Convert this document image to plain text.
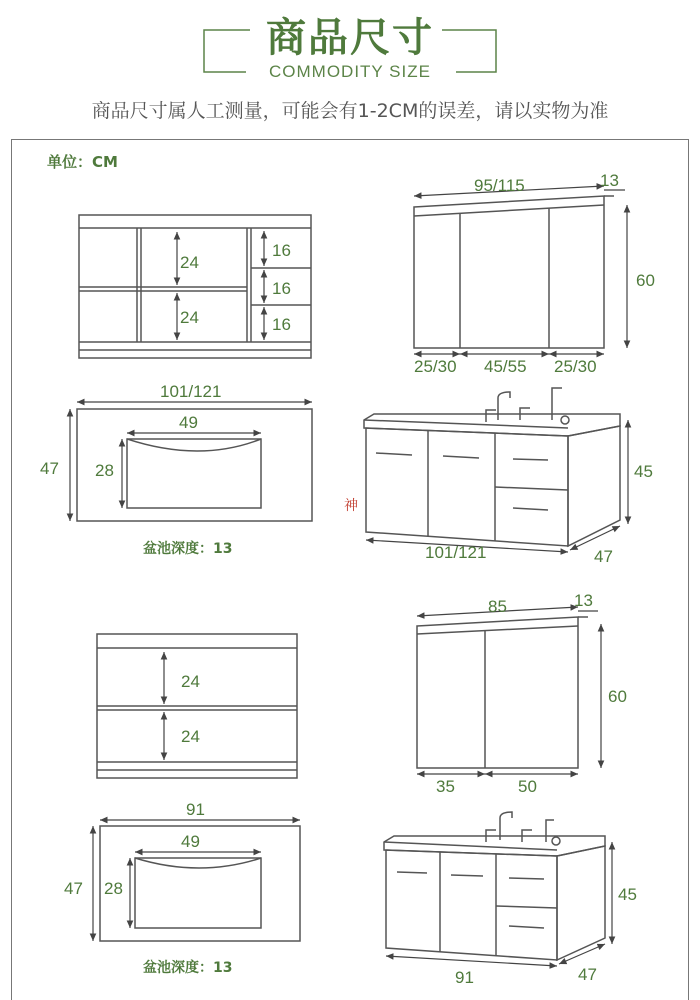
商品尺寸
COMMODITY SIZE
商品尺寸属人工测量，可能会有1-2CM的误差，请以实物为准
单位：CM
24
24
16
16
16
95/115	13
60
25/30 45/55 25/30
101/121
49
47 28
盆池深度：13	101/121	47
45
神
24
24
85	13
60
35	50
91
49
47 28
盆池深度：13	91	47
45
